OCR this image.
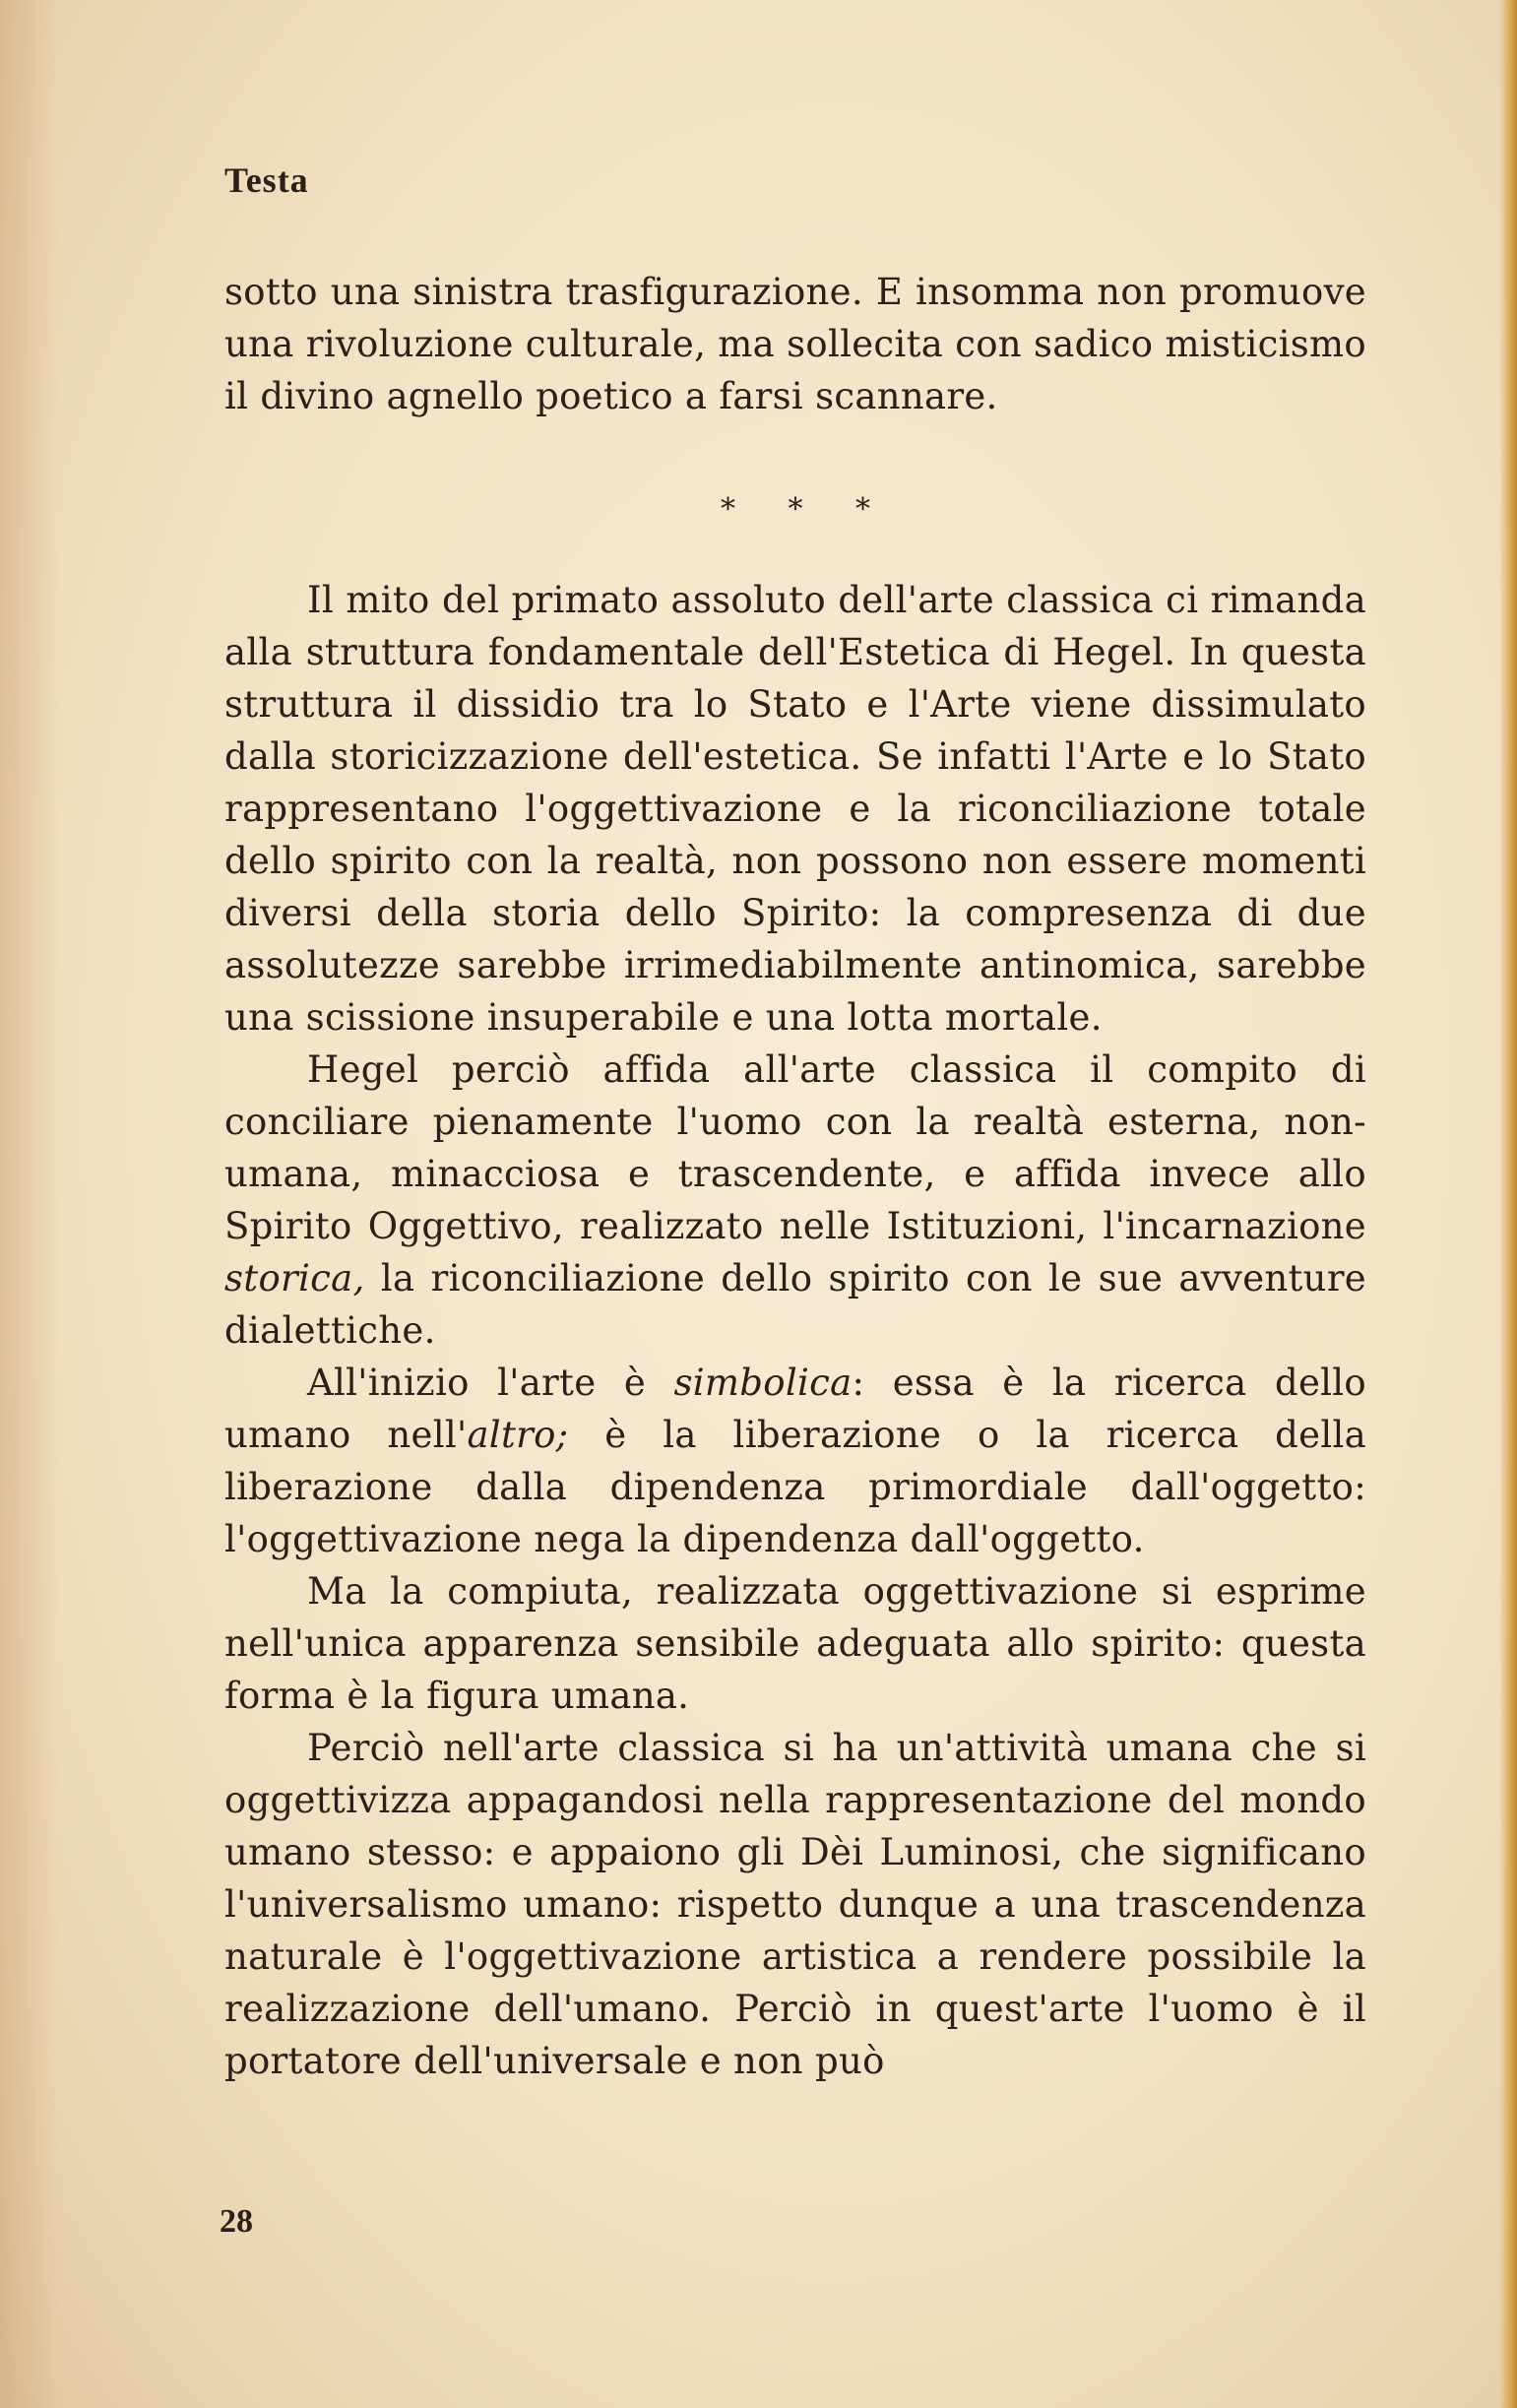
Testa

sotto una sinistra trasfigurazione. E insomma non promuove una rivoluzione culturale, ma sollecita con sadico misticismo il divino agnello poetico a farsi scannare.

* * *

Il mito del primato assoluto dell'arte classica ci rimanda alla struttura fondamentale dell'Estetica di Hegel. In questa struttura il dissidio tra lo Stato e l'Arte viene dissimulato dalla storicizzazione dell'estetica. Se infatti l'Arte e lo Stato rappresentano l'oggettivazione e la riconciliazione totale dello spirito con la realtà, non possono non essere momenti diversi della storia dello Spirito: la compresenza di due assolutezze sarebbe irrimediabilmente antinomica, sarebbe una scissione insuperabile e una lotta mortale.

Hegel perciò affida all'arte classica il compito di conciliare pienamente l'uomo con la realtà esterna, non-umana, minacciosa e trascendente, e affida invece allo Spirito Oggettivo, realizzato nelle Istituzioni, l'incarnazione storica, la riconciliazione dello spirito con le sue avventure dialettiche.

All'inizio l'arte è simbolica: essa è la ricerca dello umano nell'altro; è la liberazione o la ricerca della liberazione dalla dipendenza primordiale dall'oggetto: l'oggettivazione nega la dipendenza dall'oggetto.

Ma la compiuta, realizzata oggettivazione si esprime nell'unica apparenza sensibile adeguata allo spirito: questa forma è la figura umana.

Perciò nell'arte classica si ha un'attività umana che si oggettivizza appagandosi nella rappresentazione del mondo umano stesso: e appaiono gli Dèi Luminosi, che significano l'universalismo umano: rispetto dunque a una trascendenza naturale è l'oggettivazione artistica a rendere possibile la realizzazione dell'umano. Perciò in quest'arte l'uomo è il portatore dell'universale e non può

28
